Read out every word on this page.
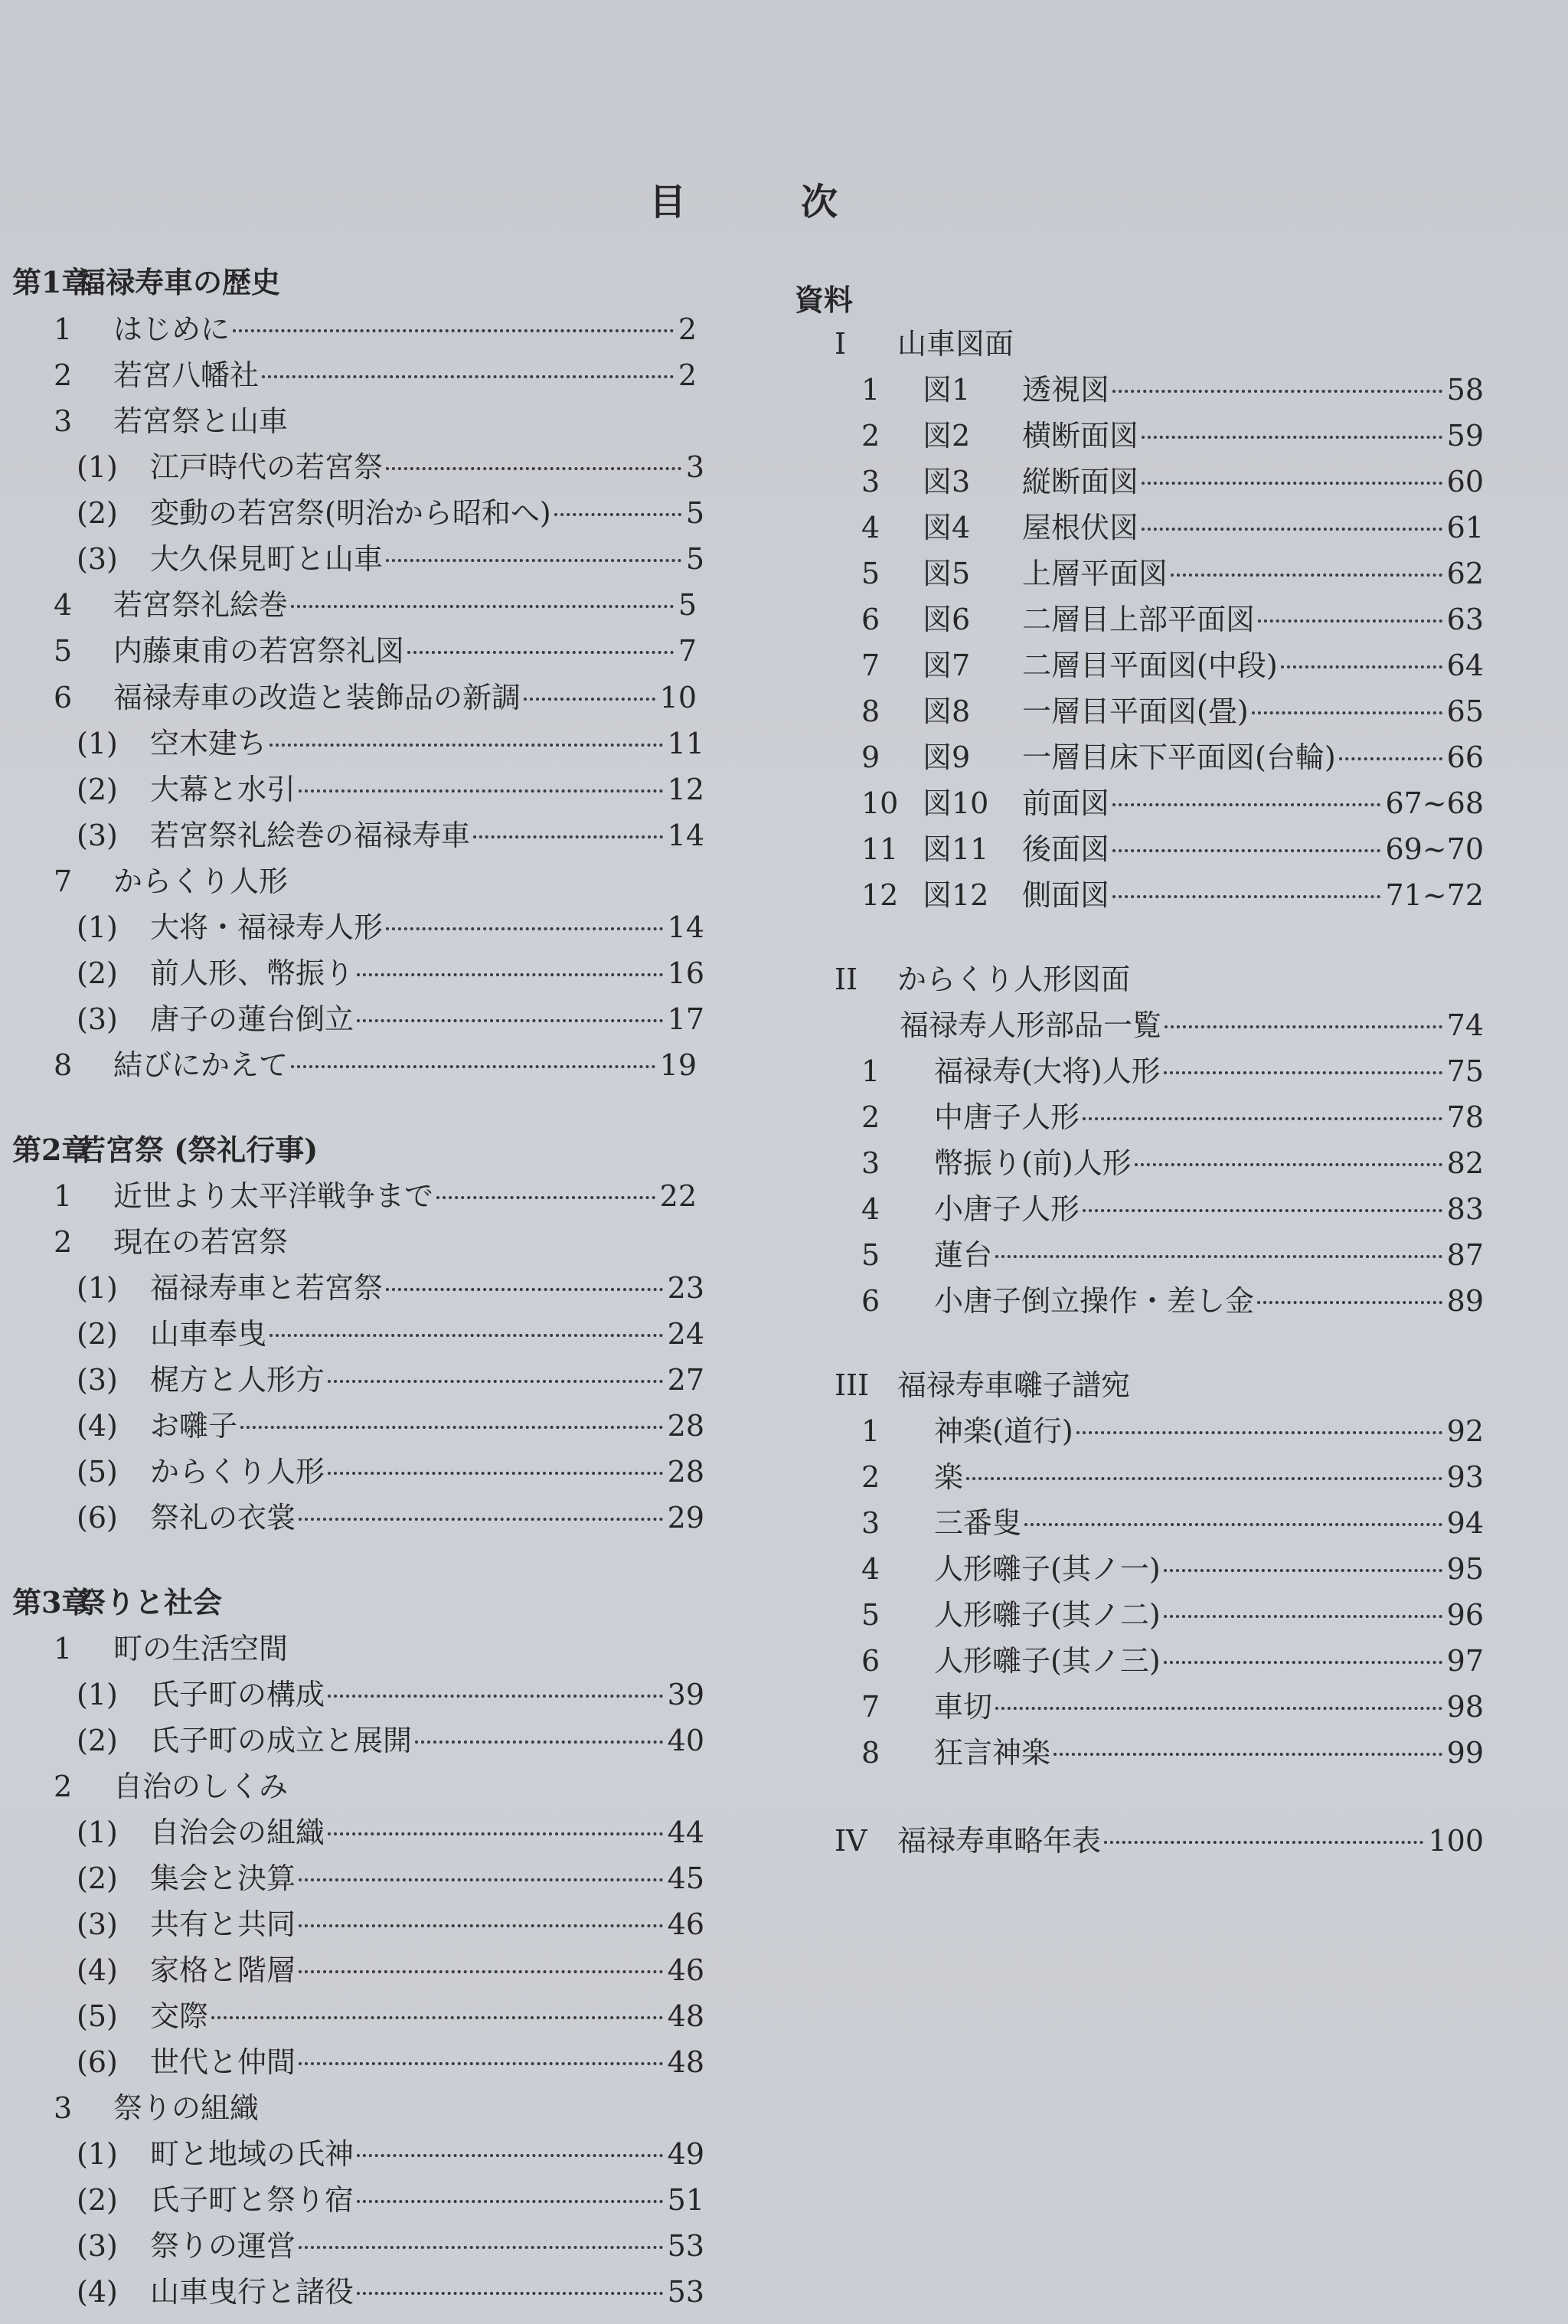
目	次
第1章
福禄寿車の歴史
1	はじめに	2
2	若宮八幡社	2
3	若宮祭と山車
(1)	江戸時代の若宮祭	3
(2)	変動の若宮祭(明治から昭和へ)	5
(3)	大久保見町と山車	5
4	若宮祭礼絵巻	5
5	内藤東甫の若宮祭礼図	7
6	福禄寿車の改造と装飾品の新調	10
(1)	空木建ち	11
(2)	大幕と水引	12
(3)	若宮祭礼絵巻の福禄寿車	14
7	からくり人形
(1)	大将・福禄寿人形	14
(2)	前人形、幣振り	16
(3)	唐子の蓮台倒立	17
8	結びにかえて	19
第2章
若宮祭 (祭礼行事)
1	近世より太平洋戦争まで	22
2	現在の若宮祭
(1)	福禄寿車と若宮祭	23
(2)	山車奉曳	24
(3)	梶方と人形方	27
(4)	お囃子	28
(5)	からくり人形	28
(6)	祭礼の衣裳	29
第3章
祭りと社会
1	町の生活空間
(1)	氏子町の構成	39
(2)	氏子町の成立と展開	40
2	自治のしくみ
(1)	自治会の組織	44
(2)	集会と決算	45
(3)	共有と共同	46
(4)	家格と階層	46
(5)	交際	48
(6)	世代と仲間	48
3	祭りの組織
(1)	町と地域の氏神	49
(2)	氏子町と祭り宿	51
(3)	祭りの運営	53
(4)	山車曳行と諸役	53
資料
I	山車図面
1	図1	透視図	58
2	図2	横断面図	59
3	図3	縦断面図	60
4	図4	屋根伏図	61
5	図5	上層平面図	62
6	図6	二層目上部平面図	63
7	図7	二層目平面図(中段)	64
8	図8	一層目平面図(畳)	65
9	図9	一層目床下平面図(台輪)	66
10 図10	前面図	67~68
11 図11	後面図	69~70
12 図12	側面図	71~72
II	からくり人形図面
福禄寿人形部品一覧	74
1	福禄寿(大将)人形	75
2	中唐子人形	78
3	幣振り(前)人形	82
4	小唐子人形	83
5	蓮台	87
6	小唐子倒立操作・差し金	89
III 福禄寿車囃子譜宛
1	神楽(道行)	92
2	楽	93
3	三番叟	94
4	人形囃子(其ノ一)	95
5	人形囃子(其ノ二)	96
6	人形囃子(其ノ三)	97
7	車切	98
8	狂言神楽	99
IV	福禄寿車略年表	100
